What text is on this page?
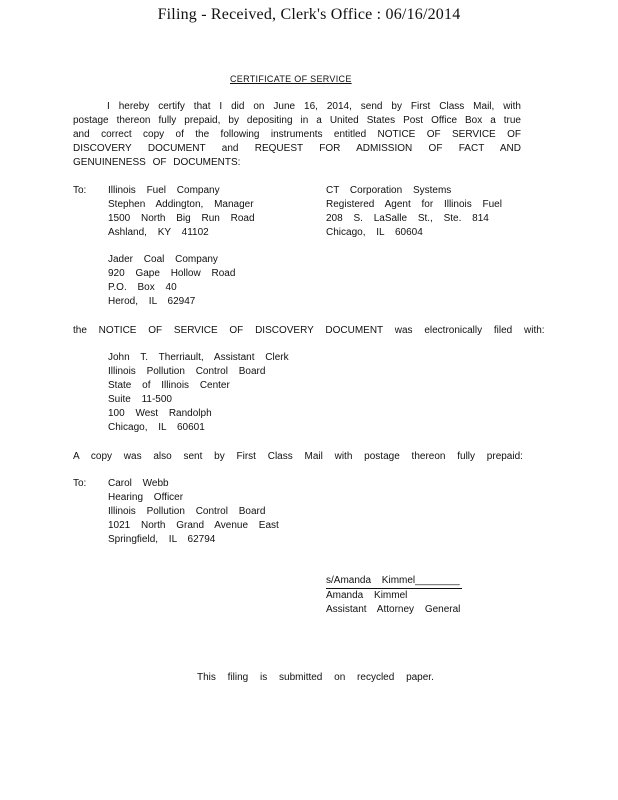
Filing - Received, Clerk's Office : 06/16/2014
CERTIFICATE OF SERVICE

I hereby certify that I did on June 16, 2014, send by First Class Mail, with postage thereon fully prepaid, by depositing in a United States Post Office Box a true and correct copy of the following instruments entitled NOTICE OF SERVICE OF DISCOVERY DOCUMENT and REQUEST FOR ADMISSION OF FACT AND GENUINENESS OF DOCUMENTS:

To: Illinois Fuel Company
Stephen Addington, Manager
1500 North Big Run Road
Ashland, KY 41102
CT Corporation Systems
Registered Agent for Illinois Fuel
208 S. LaSalle St., Ste. 814
Chicago, IL 60604
Jader Coal Company
920 Gape Hollow Road
P.O. Box 40
Herod, IL 62947
the NOTICE OF SERVICE OF DISCOVERY DOCUMENT was electronically filed with:
John T. Therriault, Assistant Clerk
Illinois Pollution Control Board
State of Illinois Center
Suite 11-500
100 West Randolph
Chicago, IL 60601
A copy was also sent by First Class Mail with postage thereon fully prepaid:
To: Carol Webb
Hearing Officer
Illinois Pollution Control Board
1021 North Grand Avenue East
Springfield, IL 62794
s/Amanda Kimmel________
Amanda Kimmel
Assistant Attorney General
This filing is submitted on recycled paper.
